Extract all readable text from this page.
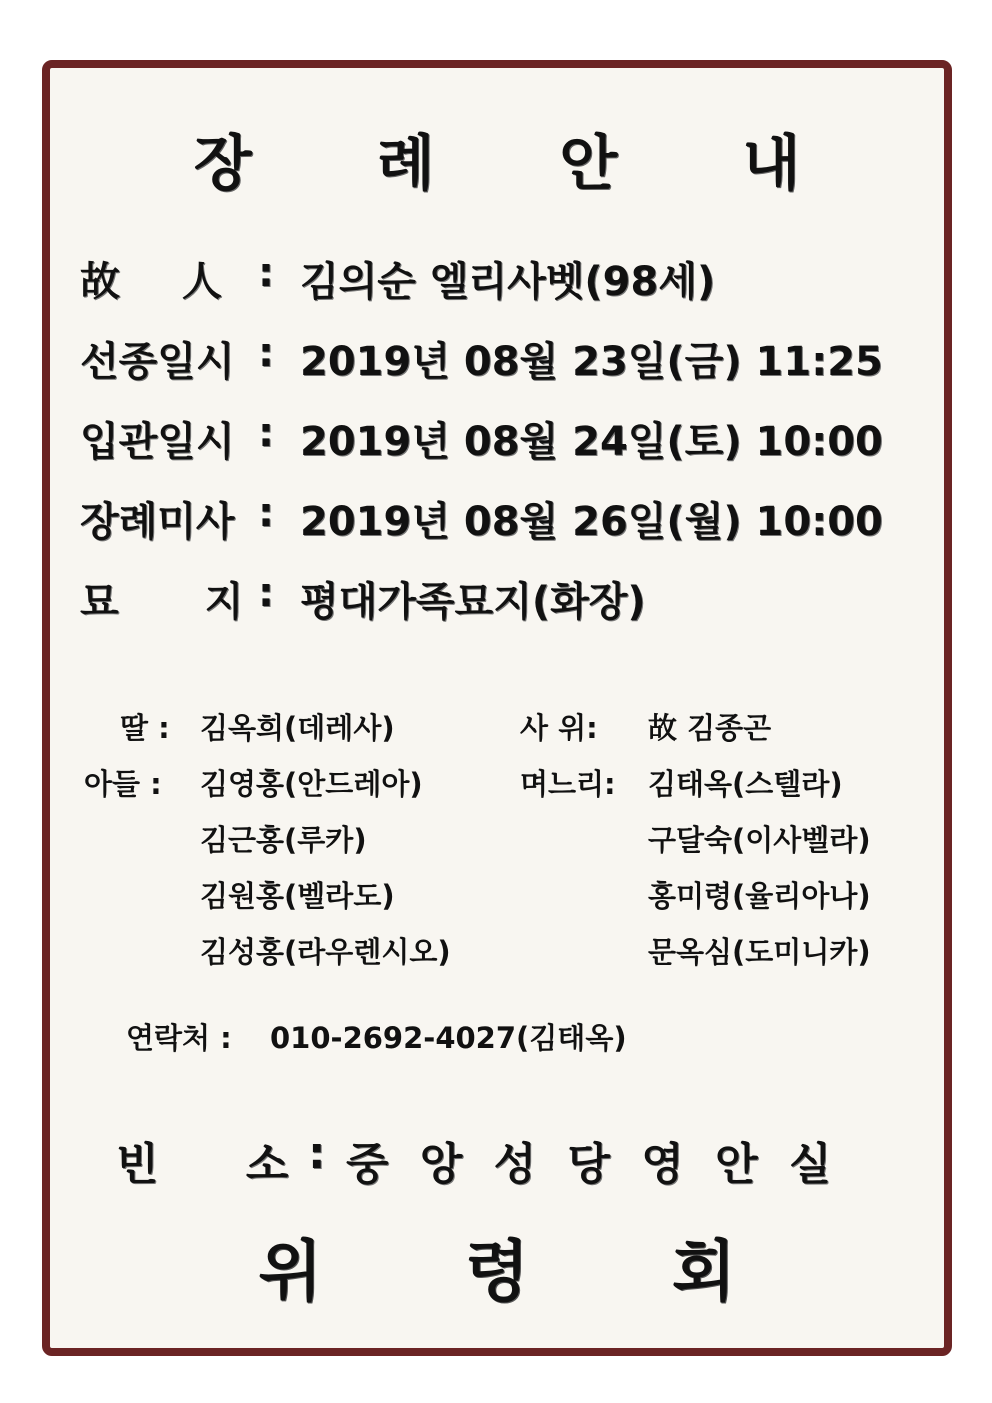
장 례 안 내
故 人 : 김의순 엘리사벳(98세)
선종일시 : 2019년 08월 23일(금) 11:25
입관일시 : 2019년 08월 24일(토) 10:00
장례미사 : 2019년 08월 26일(월) 10:00
묘 지 : 평대가족묘지(화장)
딸 : 김옥희(데레사)
아들 : 김영홍(안드레아)
김근홍(루카)
김원홍(벨라도)
김성홍(라우렌시오)
사 위: 故 김종곤
며느리: 김태옥(스텔라)
구달숙(이사벨라)
홍미령(율리아나)
문옥심(도미니카)
연락처 : 010-2692-4027(김태옥)
빈 소 : 중 앙 성 당 영 안 실
위 령 회
